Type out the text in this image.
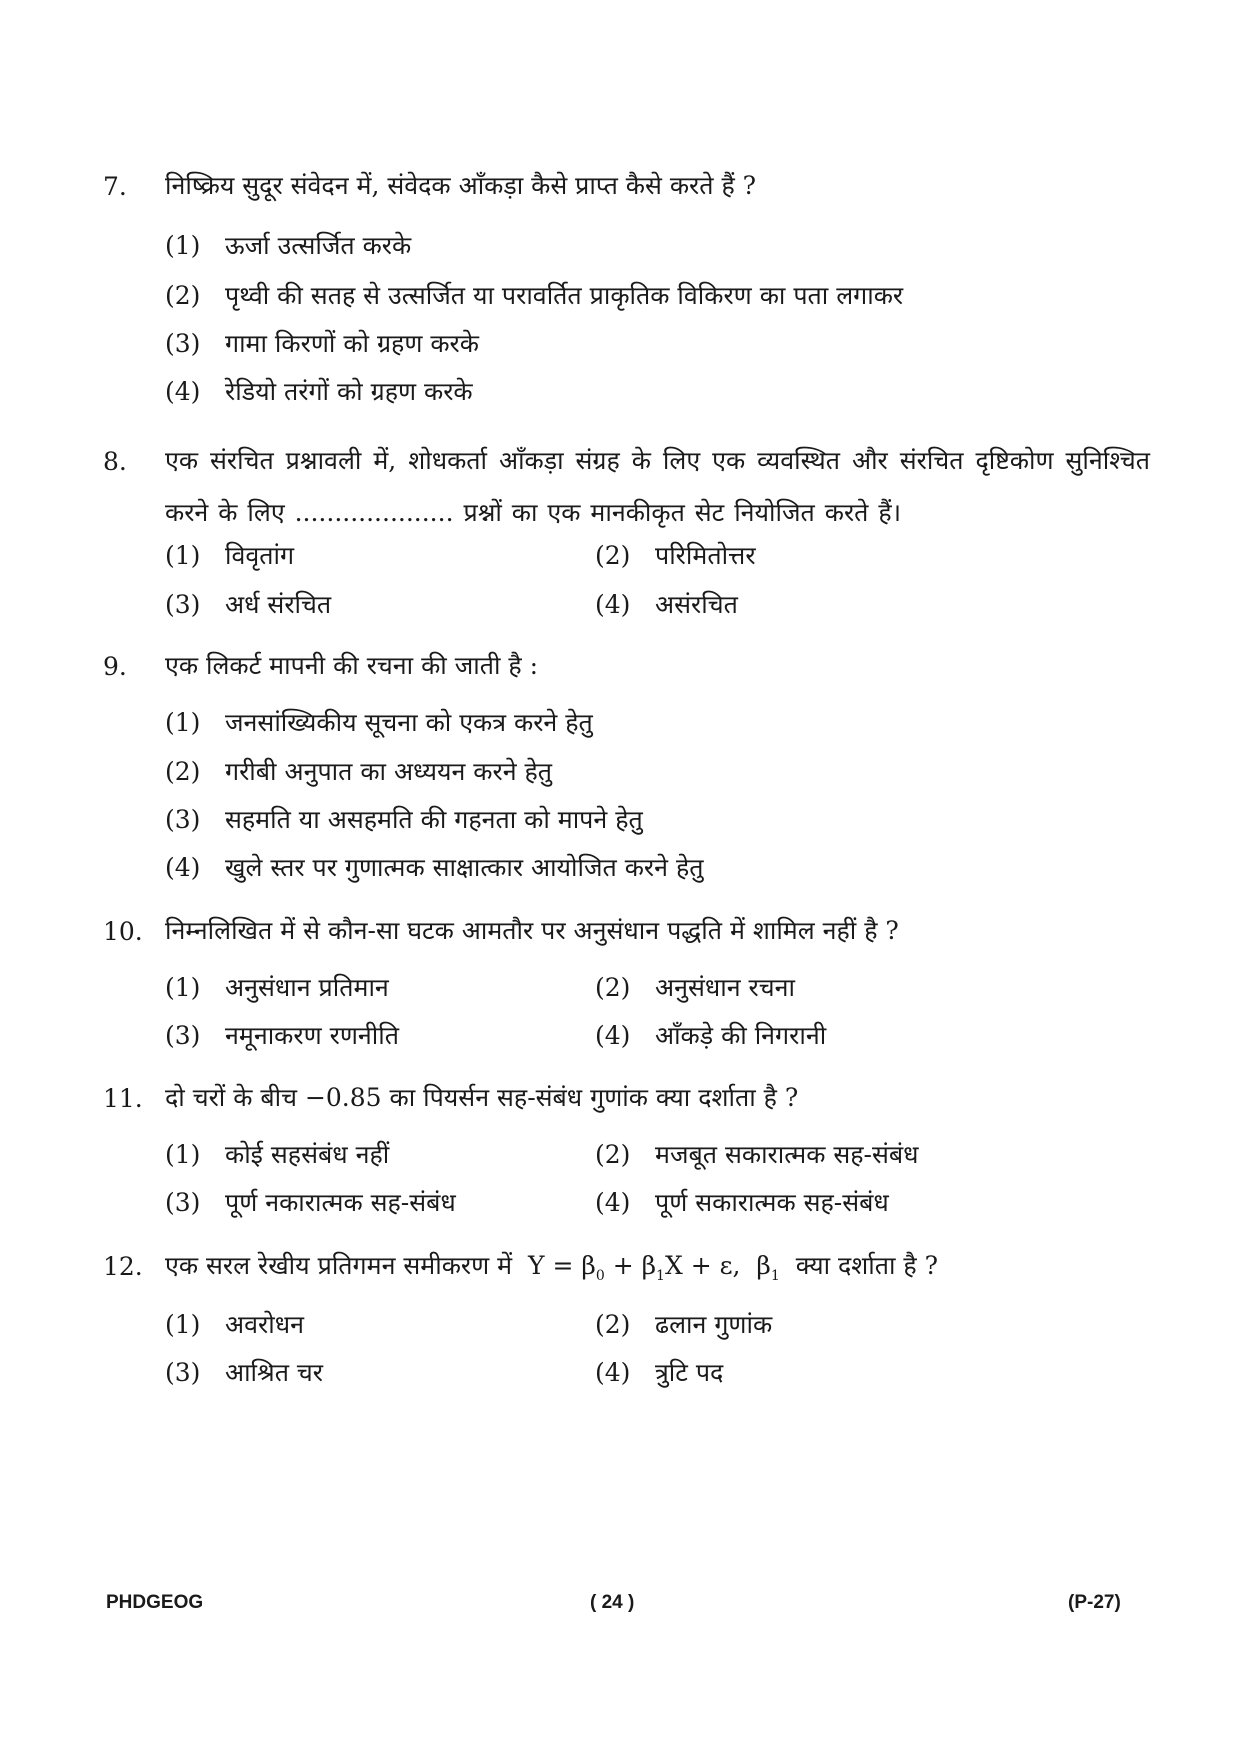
7. निष्क्रिय सुदूर संवेदन में, संवेदक आँकड़ा कैसे प्राप्त कैसे करते हैं ?
(1) ऊर्जा उत्सर्जित करके
(2) पृथ्वी की सतह से उत्सर्जित या परावर्तित प्राकृतिक विकिरण का पता लगाकर
(3) गामा किरणों को ग्रहण करके
(4) रेडियो तरंगों को ग्रहण करके
8. एक संरचित प्रश्नावली में, शोधकर्ता आँकड़ा संग्रह के लिए एक व्यवस्थित और संरचित दृष्टिकोण सुनिश्चित करने के लिए .................... प्रश्नों का एक मानकीकृत सेट नियोजित करते हैं।
(1) विवृतांग	(2) परिमितोत्तर
(3) अर्ध संरचित	(4) असंरचित
9. एक लिकर्ट मापनी की रचना की जाती है :
(1) जनसांख्यिकीय सूचना को एकत्र करने हेतु
(2) गरीबी अनुपात का अध्ययन करने हेतु
(3) सहमति या असहमति की गहनता को मापने हेतु
(4) खुले स्तर पर गुणात्मक साक्षात्कार आयोजित करने हेतु
10. निम्नलिखित में से कौन-सा घटक आमतौर पर अनुसंधान पद्धति में शामिल नहीं है ?
(1) अनुसंधान प्रतिमान	(2) अनुसंधान रचना
(3) नमूनाकरण रणनीति	(4) आँकड़े की निगरानी
11. दो चरों के बीच −0.85 का पियर्सन सह-संबंध गुणांक क्या दर्शाता है ?
(1) कोई सहसंबंध नहीं	(2) मजबूत सकारात्मक सह-संबंध
(3) पूर्ण नकारात्मक सह-संबंध	(4) पूर्ण सकारात्मक सह-संबंध
12. एक सरल रेखीय प्रतिगमन समीकरण में  $Y = \beta_0 + \beta_1X + \varepsilon$,  $\beta_1$ क्या दर्शाता है ?
(1) अवरोधन	(2) ढलान गुणांक
(3) आश्रित चर	(4) त्रुटि पद
PHDGEOG	( 24 )	(P-27)
